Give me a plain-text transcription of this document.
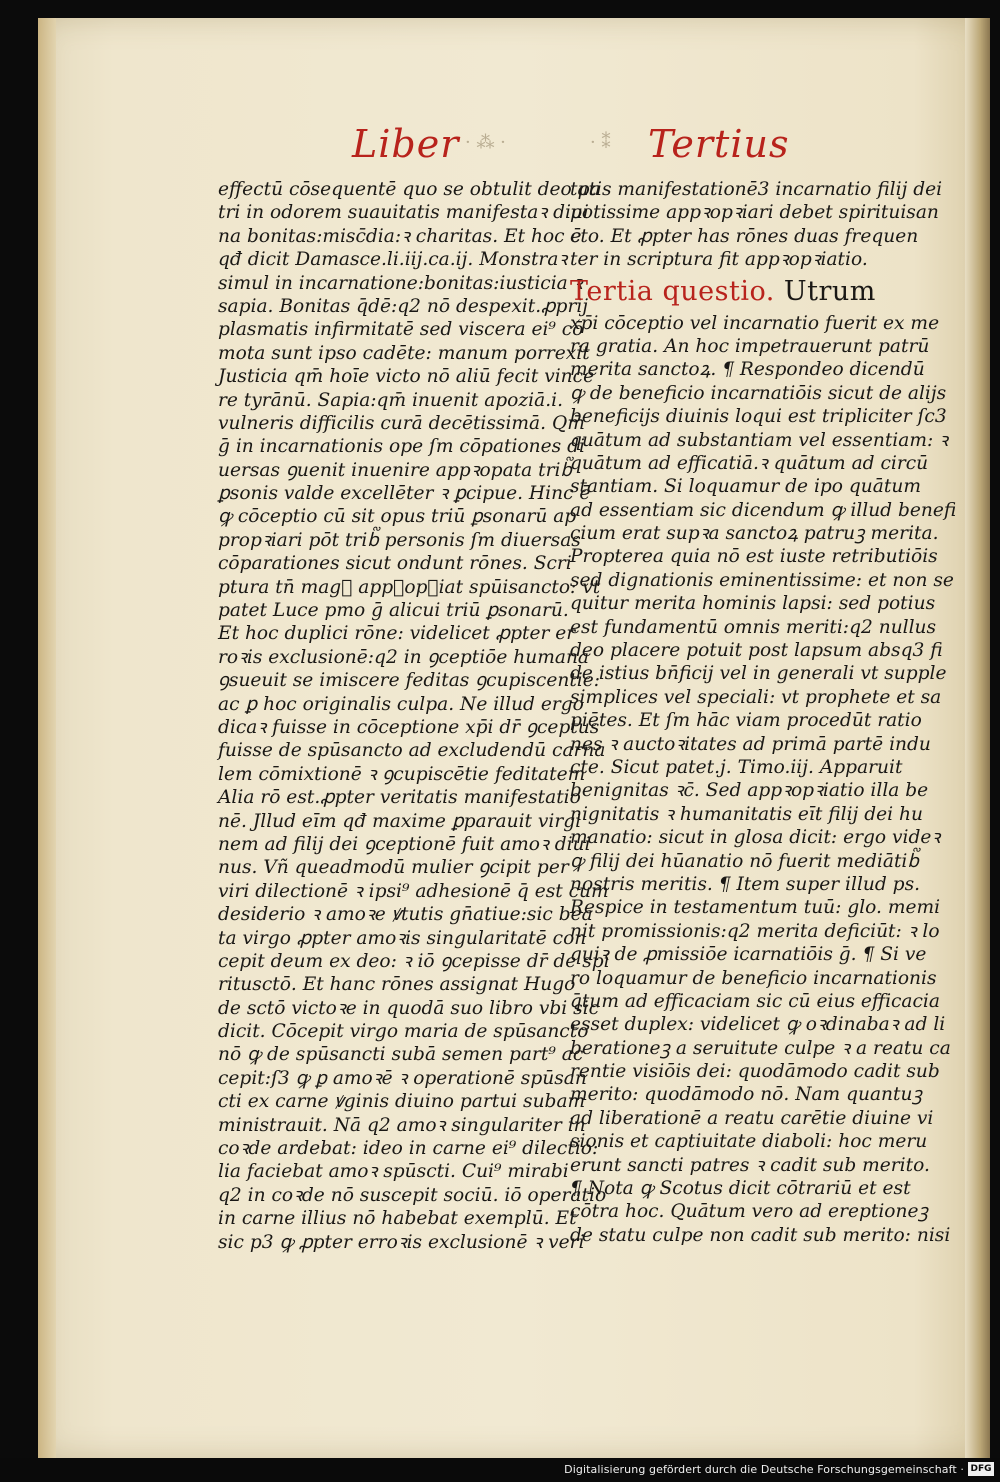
· ⁂ ·	· ⁑
Liber	Tertius
effectū cōsequentē quo se obtulit deo pa
tri in odorem suauitatis manifestaꝛ diui
na bonitas:misc̄dia:ꝛ charitas. Et hoc ē
qđ dicit Damasce.li.iij.ca.ij. Monstraꝛ
simul in incarnatione:bonitas:iusticia ꝛ
sapia. Bonitas q̄dē:q2 nō despexit.ꝓprij
plasmatis infirmitatē sed viscera ei⁹ cō
mota sunt ipso cadēte: manum porrexit
Justicia qm̄ hoīe victo nō aliū fecit vince
re tyrānū. Sapia:qm̄ inuenit apoziā.i.
vulneris difficilis curā decētissimā. Qm̄
ḡ in incarnationis ope ſm cōpationes di
uersas ꝯuenit inuenire appꝛopata trib᷑
ꝑsonis valde excellēter ꝛ ꝑcipue. Hinc ē
ꝙ cōceptio cū sit opus triū ꝑsonarū ap
propꝛiari pōt trib᷑ personis ſm diuersas
cōparationes sicut ondunt rōnes. Scri
ptura tn̄ mag᷑ appꝛopꝛiat spūisancto: vt
patet Luce pmo ḡ alicui triū ꝑsonarū.
Et hoc duplici rōne: videlicet ꝓpter er
roꝛis exclusionē:q2 in ꝯceptiōe humana
ꝯsueuit se imiscere feditas ꝯcupiscentie:
ac ꝑ hoc originalis culpa. Ne illud ergo
dicaꝛ fuisse in cōceptione xp̄i dr̄ ꝯceptus
fuisse de spūsancto ad excludendū carna
lem cōmixtionē ꝛ ꝯcupiscētie feditatem
Alia rō est.ꝓpter veritatis manifestatio
nē. Jllud eīm qđ maxime ꝑparauit virgi
nem ad filij dei ꝯceptionē fuit amoꝛ diui
nus. Vñ queadmodū mulier ꝯcipit per
viri dilectionē ꝛ ipsi⁹ adhesionē q̄ est cum
desiderio ꝛ amoꝛe ꝟtutis gn̄atiue:sic bea
ta virgo ꝓpter amoꝛis singularitatē con
cepit deum ex deo: ꝛ iō ꝯcepisse dr̄ de spi
ritusctō. Et hanc rōnes assignat Hugo
de sctō victoꝛe in quodā suo libro vbi sic
dicit. Cōcepit virgo maria de spūsancto
nō ꝙ de spūsancti subā semen part⁹ ac
cepit:ſ3 ꝙ ꝑ amoꝛē ꝛ operationē spūsan
cti ex carne ꝟginis diuino partui subam
ministrauit. Nā q2 amoꝛ singulariter in
coꝛde ardebat: ideo in carne ei⁹ dilectio:
lia faciebat amoꝛ spūscti. Cui⁹ mirabi
q2 in coꝛde nō suscepit sociū. iō operatio
in carne illius nō habebat exemplū. Et
sic p3 ꝙ ꝓpter erroꝛis exclusionē ꝛ veri
tatis manifestationē3 incarnatio filij dei
potissime appꝛopꝛiari debet spirituisan
cto. Et ꝓpter has rōnes duas frequen
ter in scriptura fit appꝛopꝛiatio.
Tertia questio. Utrum
xp̄i cōceptio vel incarnatio fuerit ex me
ra gratia. An hoc impetrauerunt patrū
merita sanctoꝝ. ¶ Respondeo dicendū
ꝙ de beneficio incarnatiōis sicut de alijs
beneficijs diuinis loqui est tripliciter ſc3
quātum ad substantiam vel essentiam: ꝛ
quātum ad efficatiā.ꝛ quātum ad circū
stantiam. Si loquamur de ipo quātum
ad essentiam sic dicendum ꝙ illud benefi
cium erat supꝛa sanctoꝝ patruꝫ merita.
Propterea quia nō est iuste retributiōis
sed dignationis eminentissime: et non se
quitur merita hominis lapsi: sed potius
est fundamentū omnis meriti:q2 nullus
deo placere potuit post lapsum absq3 fi
de istius bn̄ficij vel in generali vt supple
simplices vel speciali: vt prophete et sa
piētes. Et ſm hāc viam procedūt ratio
nes ꝛ auctoꝛitates ad primā partē indu
cte. Sicut patet.j. Timo.iij. Apparuit
benignitas ꝛc̄. Sed appꝛopꝛiatio illa be
nignitatis ꝛ humanitatis eīt filij dei hu
manatio: sicut in glosa dicit: ergo videꝛ
ꝙ filij dei hūanatio nō fuerit mediātib᷑
nostris meritis. ¶ Item super illud ps.
Respice in testamentum tuū: glo. memi
nit promissionis:q2 merita deficiūt: ꝛ lo
quiꝛ de ꝓmissiōe icarnatiōis ḡ. ¶ Si ve
ro loquamur de beneficio incarnationis
q̄tum ad efficaciam sic cū eius efficacia
esset duplex: videlicet ꝙ oꝛdinabaꝛ ad li
berationeꝫ a seruitute culpe ꝛ a reatu ca
rentie visiōis dei: quodāmodo cadit sub
merito: quodāmodo nō. Nam quantuꝫ
ad liberationē a reatu carētie diuine vi
sionis et captiuitate diaboli: hoc meru
erunt sancti patres ꝛ cadit sub merito.
¶ Nota ꝙ Scotus dicit cōtrariū et est
cōtra hoc. Quātum vero ad ereptioneꝫ
de statu culpe non cadit sub merito: nisi
Digitalisierung gefördert durch die Deutsche Forschungsgemeinschaft · DFG
